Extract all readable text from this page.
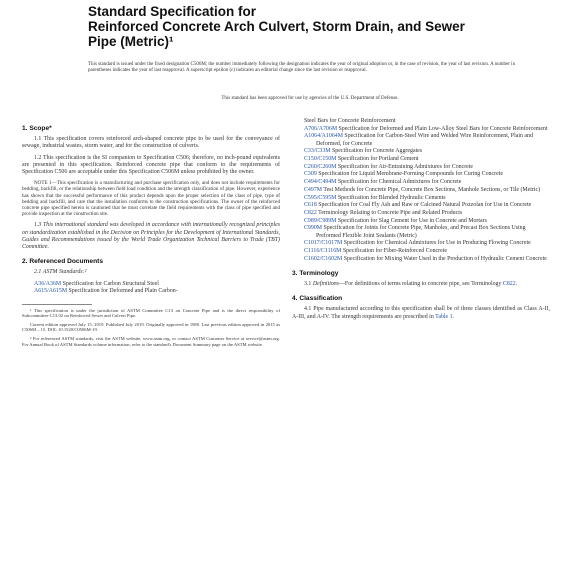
Standard Specification for
Reinforced Concrete Arch Culvert, Storm Drain, and Sewer
Pipe (Metric)¹
This standard is issued under the fixed designation C506M; the number immediately following the designation indicates the year of original adoption or, in the case of revision, the year of last revision. A number in parentheses indicates the year of last reapproval. A superscript epsilon (ε) indicates an editorial change since the last revision or reapproval.
This standard has been approved for use by agencies of the U.S. Department of Defense.
1. Scope*

1.1 This specification covers reinforced arch-shaped concrete pipe to be used for the conveyance of sewage, industrial wastes, storm water, and for the construction of culverts.

1.2 This specification is the SI companion to Specification C506; therefore, no inch-pound equivalents are presented in this specification. Reinforced concrete pipe that conform to the requirements of Specification C506 are acceptable under this Specification C506M unless prohibited by the owner.

NOTE 1—This specification is a manufacturing and purchase specification only, and does not include requirements for bedding, backfill, or the relationship between field load condition and the strength classification of pipe. However, experience has shown that the successful performance of this product depends upon the proper selection of the class of pipe, type of bedding and backfill, and care that the installation conforms to the construction specifications. The owner of the reinforced concrete pipe specified herein is cautioned that he must correlate the field requirements with the class of pipe specified and provide inspection at the construction site.

1.3 This international standard was developed in accordance with internationally recognized principles on standardization established in the Decision on Principles for the Development of International Standards, Guides and Recommendations issued by the World Trade Organization Technical Barriers to Trade (TBT) Committee.

2. Referenced Documents

2.1 ASTM Standards:²

A36/A36M Specification for Carbon Structural Steel
A615/A615M Specification for Deformed and Plain Carbon-

¹ This specification is under the jurisdiction of ASTM Committee C13 on Concrete Pipe and is the direct responsibility of Subcommittee C13.02 on Reinforced Sewer and Culvert Pipe.

Current edition approved July 15, 2019. Published July 2019. Originally approved in 1980. Last previous edition approved in 2015 as C506M – 15. DOI: 10.1520/C0506M-19.

² For referenced ASTM standards, visit the ASTM website, www.astm.org, or contact ASTM Customer Service at service@astm.org. For Annual Book of ASTM Standards volume information, refer to the standard's Document Summary page on the ASTM website.

Steel Bars for Concrete Reinforcement
A706/A706M Specification for Deformed and Plain Low-Alloy Steel Bars for Concrete Reinforcement
A1064/A1064M Specification for Carbon-Steel Wire and Welded Wire Reinforcement, Plain and Deformed, for Concrete
C33/C33M Specification for Concrete Aggregates
C150/C150M Specification for Portland Cement
C260/C260M Specification for Air-Entraining Admixtures for Concrete
C309 Specification for Liquid Membrane-Forming Compounds for Curing Concrete
C494/C494M Specification for Chemical Admixtures for Concrete
C497M Test Methods for Concrete Pipe, Concrete Box Sections, Manhole Sections, or Tile (Metric)
C595/C595M Specification for Blended Hydraulic Cements
C618 Specification for Coal Fly Ash and Raw or Calcined Natural Pozzolan for Use in Concrete
C822 Terminology Relating to Concrete Pipe and Related Products
C989/C989M Specification for Slag Cement for Use in Concrete and Mortars
C990M Specification for Joints for Concrete Pipe, Manholes, and Precast Box Sections Using Preformed Flexible Joint Sealants (Metric)
C1017/C1017M Specification for Chemical Admixtures for Use in Producing Flowing Concrete
C1116/C1116M Specification for Fiber-Reinforced Concrete
C1602/C1602M Specification for Mixing Water Used in the Production of Hydraulic Cement Concrete
3. Terminology

3.1 Definitions—For definitions of terms relating to concrete pipe, see Terminology C822.

4. Classification

4.1 Pipe manufactured according to this specification shall be of three classes identified as Class A-II, A-III, and A-IV. The strength requirements are prescribed in Table 1.
